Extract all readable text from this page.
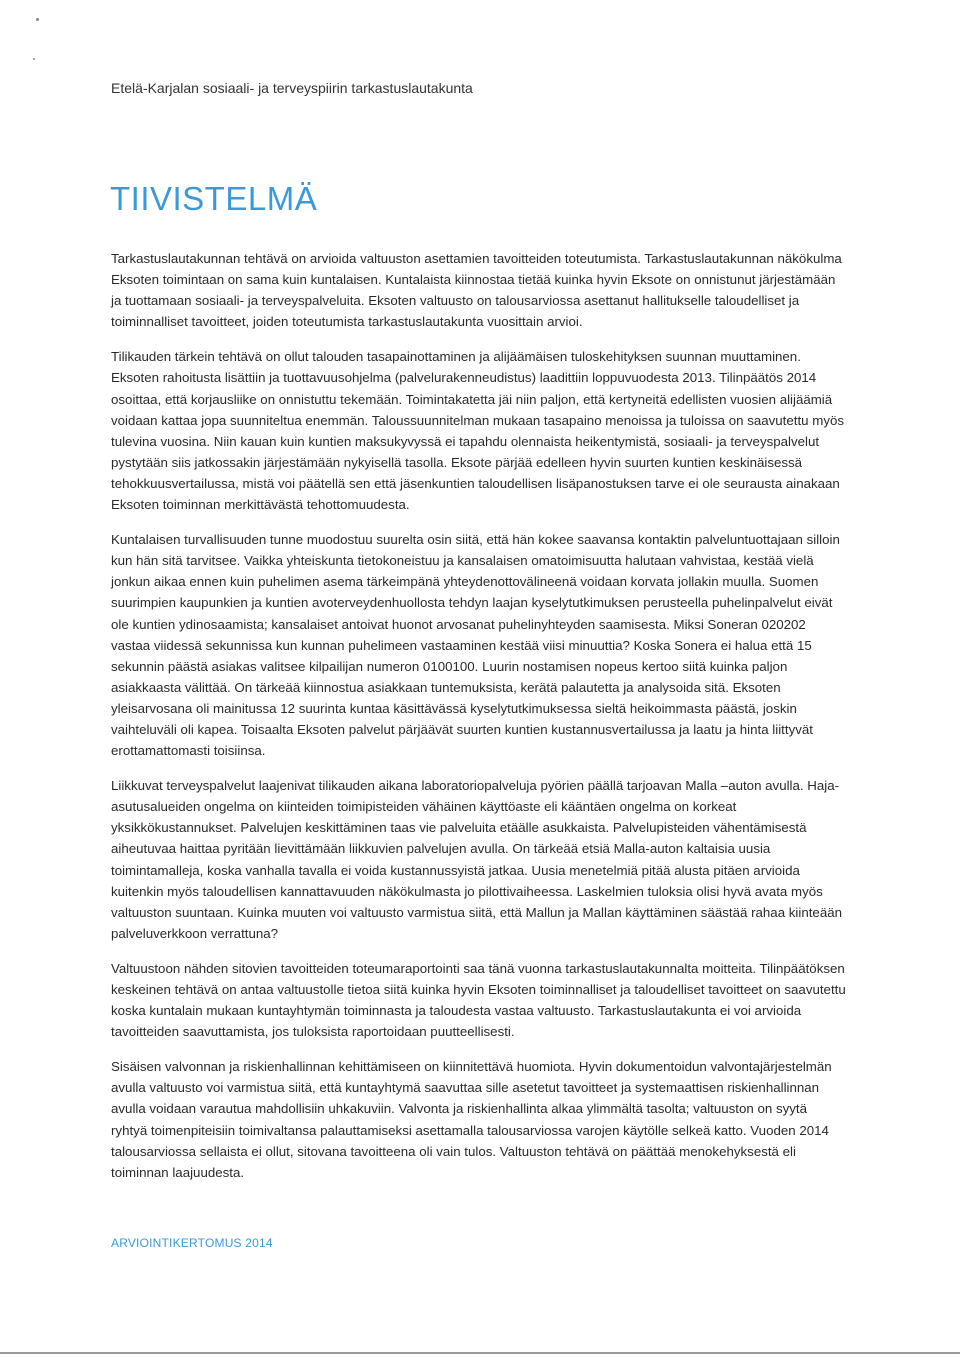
Etelä-Karjalan sosiaali- ja terveyspiirin tarkastuslautakunta
TIIVISTELMÄ

Tarkastuslautakunnan tehtävä on arvioida valtuuston asettamien tavoitteiden toteutumista. Tarkastuslautakunnan näkökulma Eksoten toimintaan on sama kuin kuntalaisen. Kuntalaista kiinnostaa tietää kuinka hyvin Eksote on onnistunut järjestämään ja tuottamaan sosiaali- ja terveyspalveluita. Eksoten valtuusto on talousarviossa asettanut hallitukselle taloudelliset ja toiminnalliset tavoitteet, joiden toteutumista tarkastuslautakunta vuosittain arvioi.

Tilikauden tärkein tehtävä on ollut talouden tasapainottaminen ja alijäämäisen tuloskehityksen suunnan muuttaminen. Eksoten rahoitusta lisättiin ja tuottavuusohjelma (palvelurakenneudistus) laadittiin loppuvuodesta 2013. Tilinpäätös 2014 osoittaa, että korjausliike on onnistuttu tekemään. Toimintakatetta jäi niin paljon, että kertyneitä edellisten vuosien alijäämiä voidaan kattaa jopa suunniteltua enemmän. Taloussuunnitelman mukaan tasapaino menoissa ja tuloissa on saavutettu myös tulevina vuosina. Niin kauan kuin kuntien maksukyvyssä ei tapahdu olennaista heikentymistä, sosiaali- ja terveyspalvelut pystytään siis jatkossakin järjestämään nykyisellä tasolla. Eksote pärjää edelleen hyvin suurten kuntien keskinäisessä tehokkuusvertailussa, mistä voi päätellä sen että jäsenkuntien taloudellisen lisäpanostuksen tarve ei ole seurausta ainakaan Eksoten toiminnan merkittävästä tehottomuudesta.

Kuntalaisen turvallisuuden tunne muodostuu suurelta osin siitä, että hän kokee saavansa kontaktin palveluntuottajaan silloin kun hän sitä tarvitsee. Vaikka yhteiskunta tietokoneistuu ja kansalaisen omatoimisuutta halutaan vahvistaa, kestää vielä jonkun aikaa ennen kuin puhelimen asema tärkeimpänä yhteydenottovälineenä voidaan korvata jollakin muulla. Suomen suurimpien kaupunkien ja kuntien avoterveydenhuollosta tehdyn laajan kyselytutkimuksen perusteella puhelinpalvelut eivät ole kuntien ydinosaamista; kansalaiset antoivat huonot arvosanat puhelinyhteyden saamisesta. Miksi Soneran 020202 vastaa viidessä sekunnissa kun kunnan puhelimeen vastaaminen kestää viisi minuuttia? Koska Sonera ei halua että 15 sekunnin päästä asiakas valitsee kilpailijan numeron 0100100. Luurin nostamisen nopeus kertoo siitä kuinka paljon asiakkaasta välittää. On tärkeää kiinnostua asiakkaan tuntemuksista, kerätä palautetta ja analysoida sitä. Eksoten yleisarvosana oli mainitussa 12 suurinta kuntaa käsittävässä kyselytutkimuksessa sieltä heikoimmasta päästä, joskin vaihteluväli oli kapea. Toisaalta Eksoten palvelut pärjäävät suurten kuntien kustannusvertailussa ja laatu ja hinta liittyvät erottamattomasti toisiinsa.

Liikkuvat terveyspalvelut laajenivat tilikauden aikana laboratoriopalveluja pyörien päällä tarjoavan Malla –auton avulla. Haja-asutusalueiden ongelma on kiinteiden toimipisteiden vähäinen käyttöaste eli kääntäen ongelma on korkeat yksikkökustannukset. Palvelujen keskittäminen taas vie palveluita etäälle asukkaista. Palvelupisteiden vähentämisestä aiheutuvaa haittaa pyritään lievittämään liikkuvien palvelujen avulla. On tärkeää etsiä Malla-auton kaltaisia uusia toimintamalleja, koska vanhalla tavalla ei voida kustannussyistä jatkaa. Uusia menetelmiä pitää alusta pitäen arvioida kuitenkin myös taloudellisen kannattavuuden näkökulmasta jo pilottivaiheessa. Laskelmien tuloksia olisi hyvä avata myös valtuuston suuntaan. Kuinka muuten voi valtuusto varmistua siitä, että Mallun ja Mallan käyttäminen säästää rahaa kiinteään palveluverkkoon verrattuna?

Valtuustoon nähden sitovien tavoitteiden toteumaraportointi saa tänä vuonna tarkastuslautakunnalta moitteita. Tilinpäätöksen keskeinen tehtävä on antaa valtuustolle tietoa siitä kuinka hyvin Eksoten toiminnalliset ja taloudelliset tavoitteet on saavutettu koska kuntalain mukaan kuntayhtymän toiminnasta ja taloudesta vastaa valtuusto. Tarkastuslautakunta ei voi arvioida tavoitteiden saavuttamista, jos tuloksista raportoidaan puutteellisesti.

Sisäisen valvonnan ja riskienhallinnan kehittämiseen on kiinnitettävä huomiota. Hyvin dokumentoidun valvontajärjestelmän avulla valtuusto voi varmistua siitä, että kuntayhtymä saavuttaa sille asetetut tavoitteet ja systemaattisen riskienhallinnan avulla voidaan varautua mahdollisiin uhkakuviin. Valvonta ja riskienhallinta alkaa ylimmältä tasolta; valtuuston on syytä ryhtyä toimenpiteisiin toimivaltansa palauttamiseksi asettamalla talousarviossa varojen käytölle selkeä katto. Vuoden 2014 talousarviossa sellaista ei ollut, sitovana tavoitteena oli vain tulos. Valtuuston tehtävä on päättää menokehyksestä eli toiminnan laajuudesta.

ARVIOINTIKERTOMUS 2014
